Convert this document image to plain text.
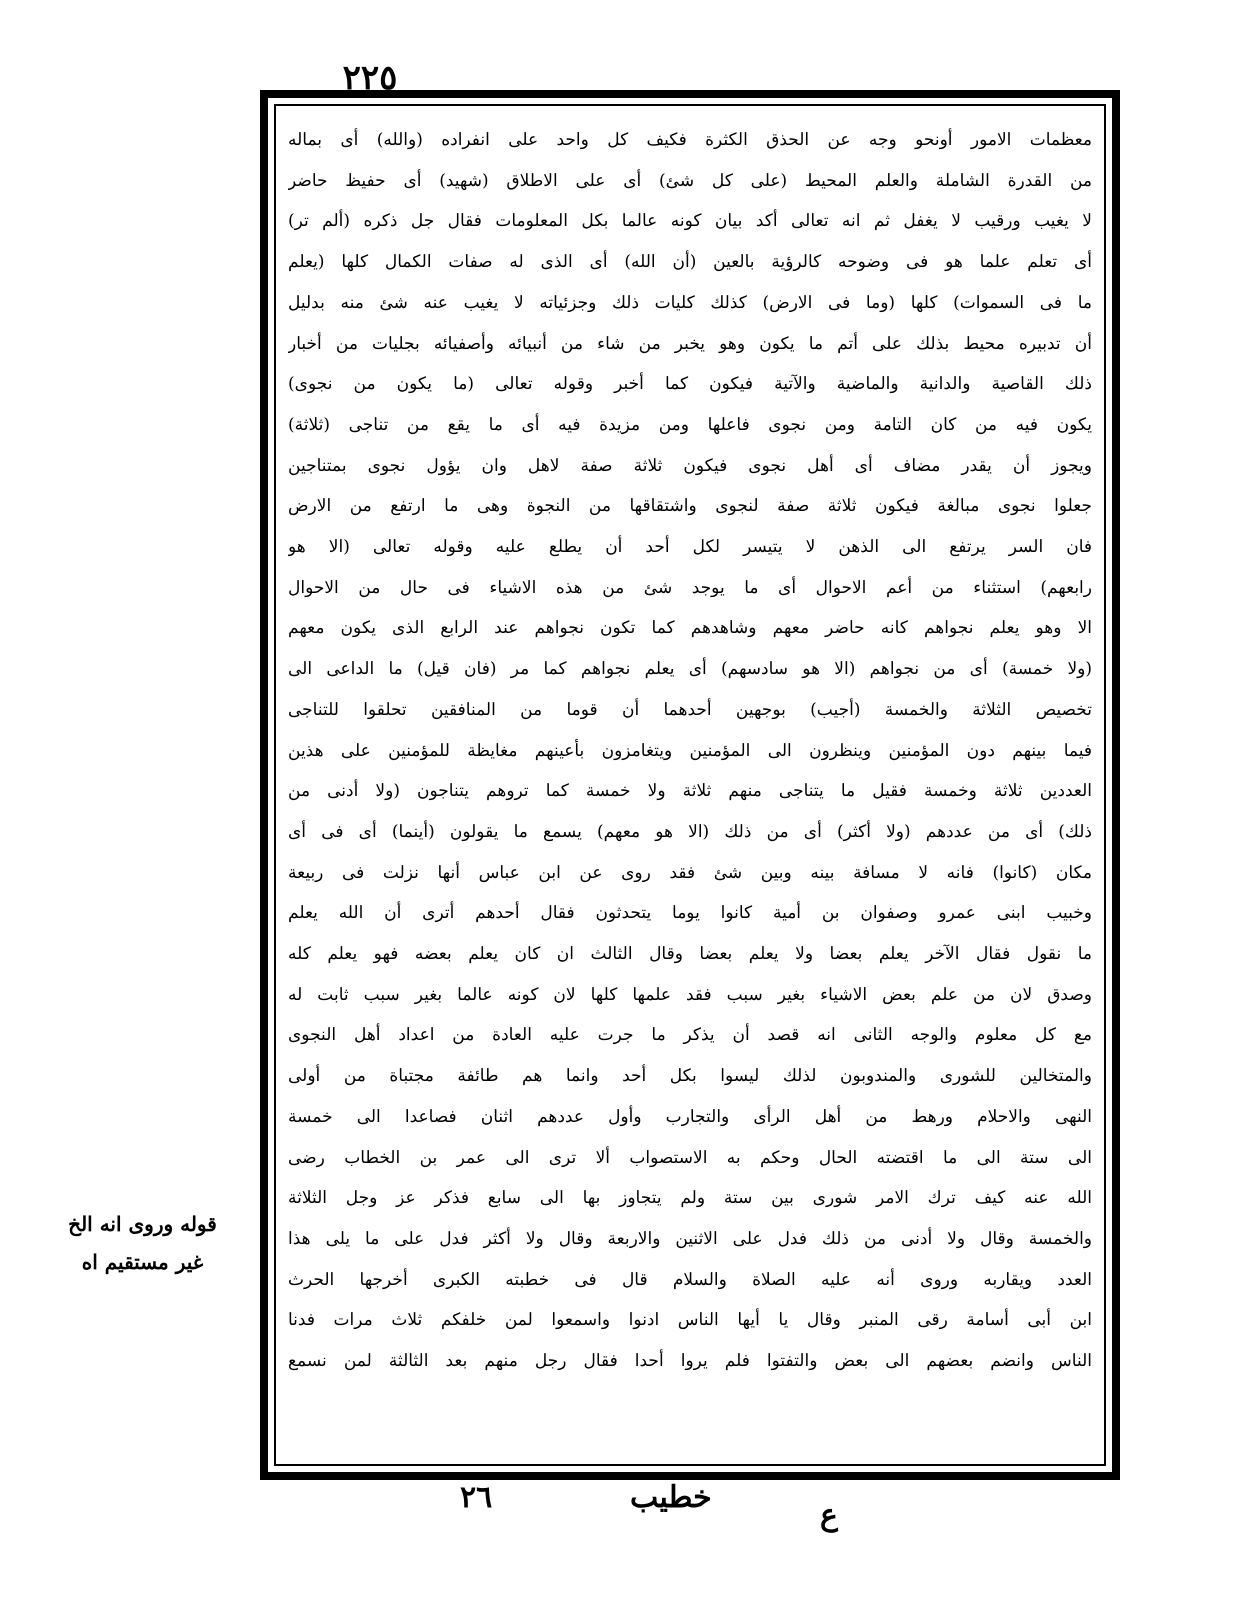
٢٢٥
معظمات الامور أونحو وجه عن الحذق الكثرة فكيف كل واحد على انفراده (والله) أى بماله
من القدرة الشاملة والعلم المحيط (على كل شئ) أى على الاطلاق (شهيد) أى حفيظ حاضر
لا يغيب ورقيب لا يغفل ثم انه تعالى أكد بيان كونه عالما بكل المعلومات فقال جل ذكره (ألم تر)
أى تعلم علما هو فى وضوحه كالرؤية بالعين (أن الله) أى الذى له صفات الكمال كلها (يعلم
ما فى السموات) كلها (وما فى الارض) كذلك كليات ذلك وجزئياته لا يغيب عنه شئ منه بدليل
أن تدبيره محيط بذلك على أتم ما يكون وهو يخبر من شاء من أنبيائه وأصفيائه بجليات من أخبار
ذلك القاصية والدانية والماضية والآتية فيكون كما أخبر وقوله تعالى (ما يكون من نجوى)
يكون فيه من كان التامة ومن نجوى فاعلها ومن مزيدة فيه أى ما يقع من تناجى (ثلاثة)
ويجوز أن يقدر مضاف أى أهل نجوى فيكون ثلاثة صفة لاهل وان يؤول نجوى بمتناجين
جعلوا نجوى مبالغة فيكون ثلاثة صفة لنجوى واشتقاقها من النجوة وهى ما ارتفع من الارض
فان السر يرتفع الى الذهن لا يتيسر لكل أحد أن يطلع عليه وقوله تعالى (الا هو
رابعهم) استثناء من أعم الاحوال أى ما يوجد شئ من هذه الاشياء فى حال من الاحوال
الا وهو يعلم نجواهم كانه حاضر معهم وشاهدهم كما تكون نجواهم عند الرابع الذى يكون معهم
(ولا خمسة) أى من نجواهم (الا هو سادسهم) أى يعلم نجواهم كما مر (فان قيل) ما الداعى الى
تخصيص الثلاثة والخمسة (أجيب) بوجهين أحدهما أن قوما من المنافقين تحلقوا للتناجى
فيما بينهم دون المؤمنين وينظرون الى المؤمنين ويتغامزون بأعينهم مغايظة للمؤمنين على هذين
العددين ثلاثة وخمسة فقيل ما يتناجى منهم ثلاثة ولا خمسة كما تروهم يتناجون (ولا أدنى من
ذلك) أى من عددهم (ولا أكثر) أى من ذلك (الا هو معهم) يسمع ما يقولون (أينما) أى فى أى
مكان (كانوا) فانه لا مسافة بينه وبين شئ فقد روى عن ابن عباس أنها نزلت فى ربيعة
وخبيب ابنى عمرو وصفوان بن أمية كانوا يوما يتحدثون فقال أحدهم أترى أن الله يعلم
ما نقول فقال الآخر يعلم بعضا ولا يعلم بعضا وقال الثالث ان كان يعلم بعضه فهو يعلم كله
وصدق لان من علم بعض الاشياء بغير سبب فقد علمها كلها لان كونه عالما بغير سبب ثابت له
مع كل معلوم والوجه الثانى انه قصد أن يذكر ما جرت عليه العادة من اعداد أهل النجوى
والمتخالين للشورى والمندوبون لذلك ليسوا بكل أحد وانما هم طائفة مجتباة من أولى
النهى والاحلام ورهط من أهل الرأى والتجارب وأول عددهم اثنان فصاعدا الى خمسة
الى ستة الى ما اقتضته الحال وحكم به الاستصواب ألا ترى الى عمر بن الخطاب رضى
الله عنه كيف ترك الامر شورى بين ستة ولم يتجاوز بها الى سابع فذكر عز وجل الثلاثة
والخمسة وقال ولا أدنى من ذلك فدل على الاثنين والاربعة وقال ولا أكثر فدل على ما يلى هذا
العدد ويقاربه وروى أنه عليه الصلاة والسلام قال فى خطبته الكبرى أخرجها الحرث
ابن أبى أسامة رقى المنبر وقال يا أيها الناس ادنوا واسمعوا لمن خلفكم ثلاث مرات فدنا
الناس وانضم بعضهم الى بعض والتفتوا فلم يروا أحدا فقال رجل منهم بعد الثالثة لمن نسمع
قوله وروى انه الخ
غير مستقيم اه
٢٦	خطيب
ع
